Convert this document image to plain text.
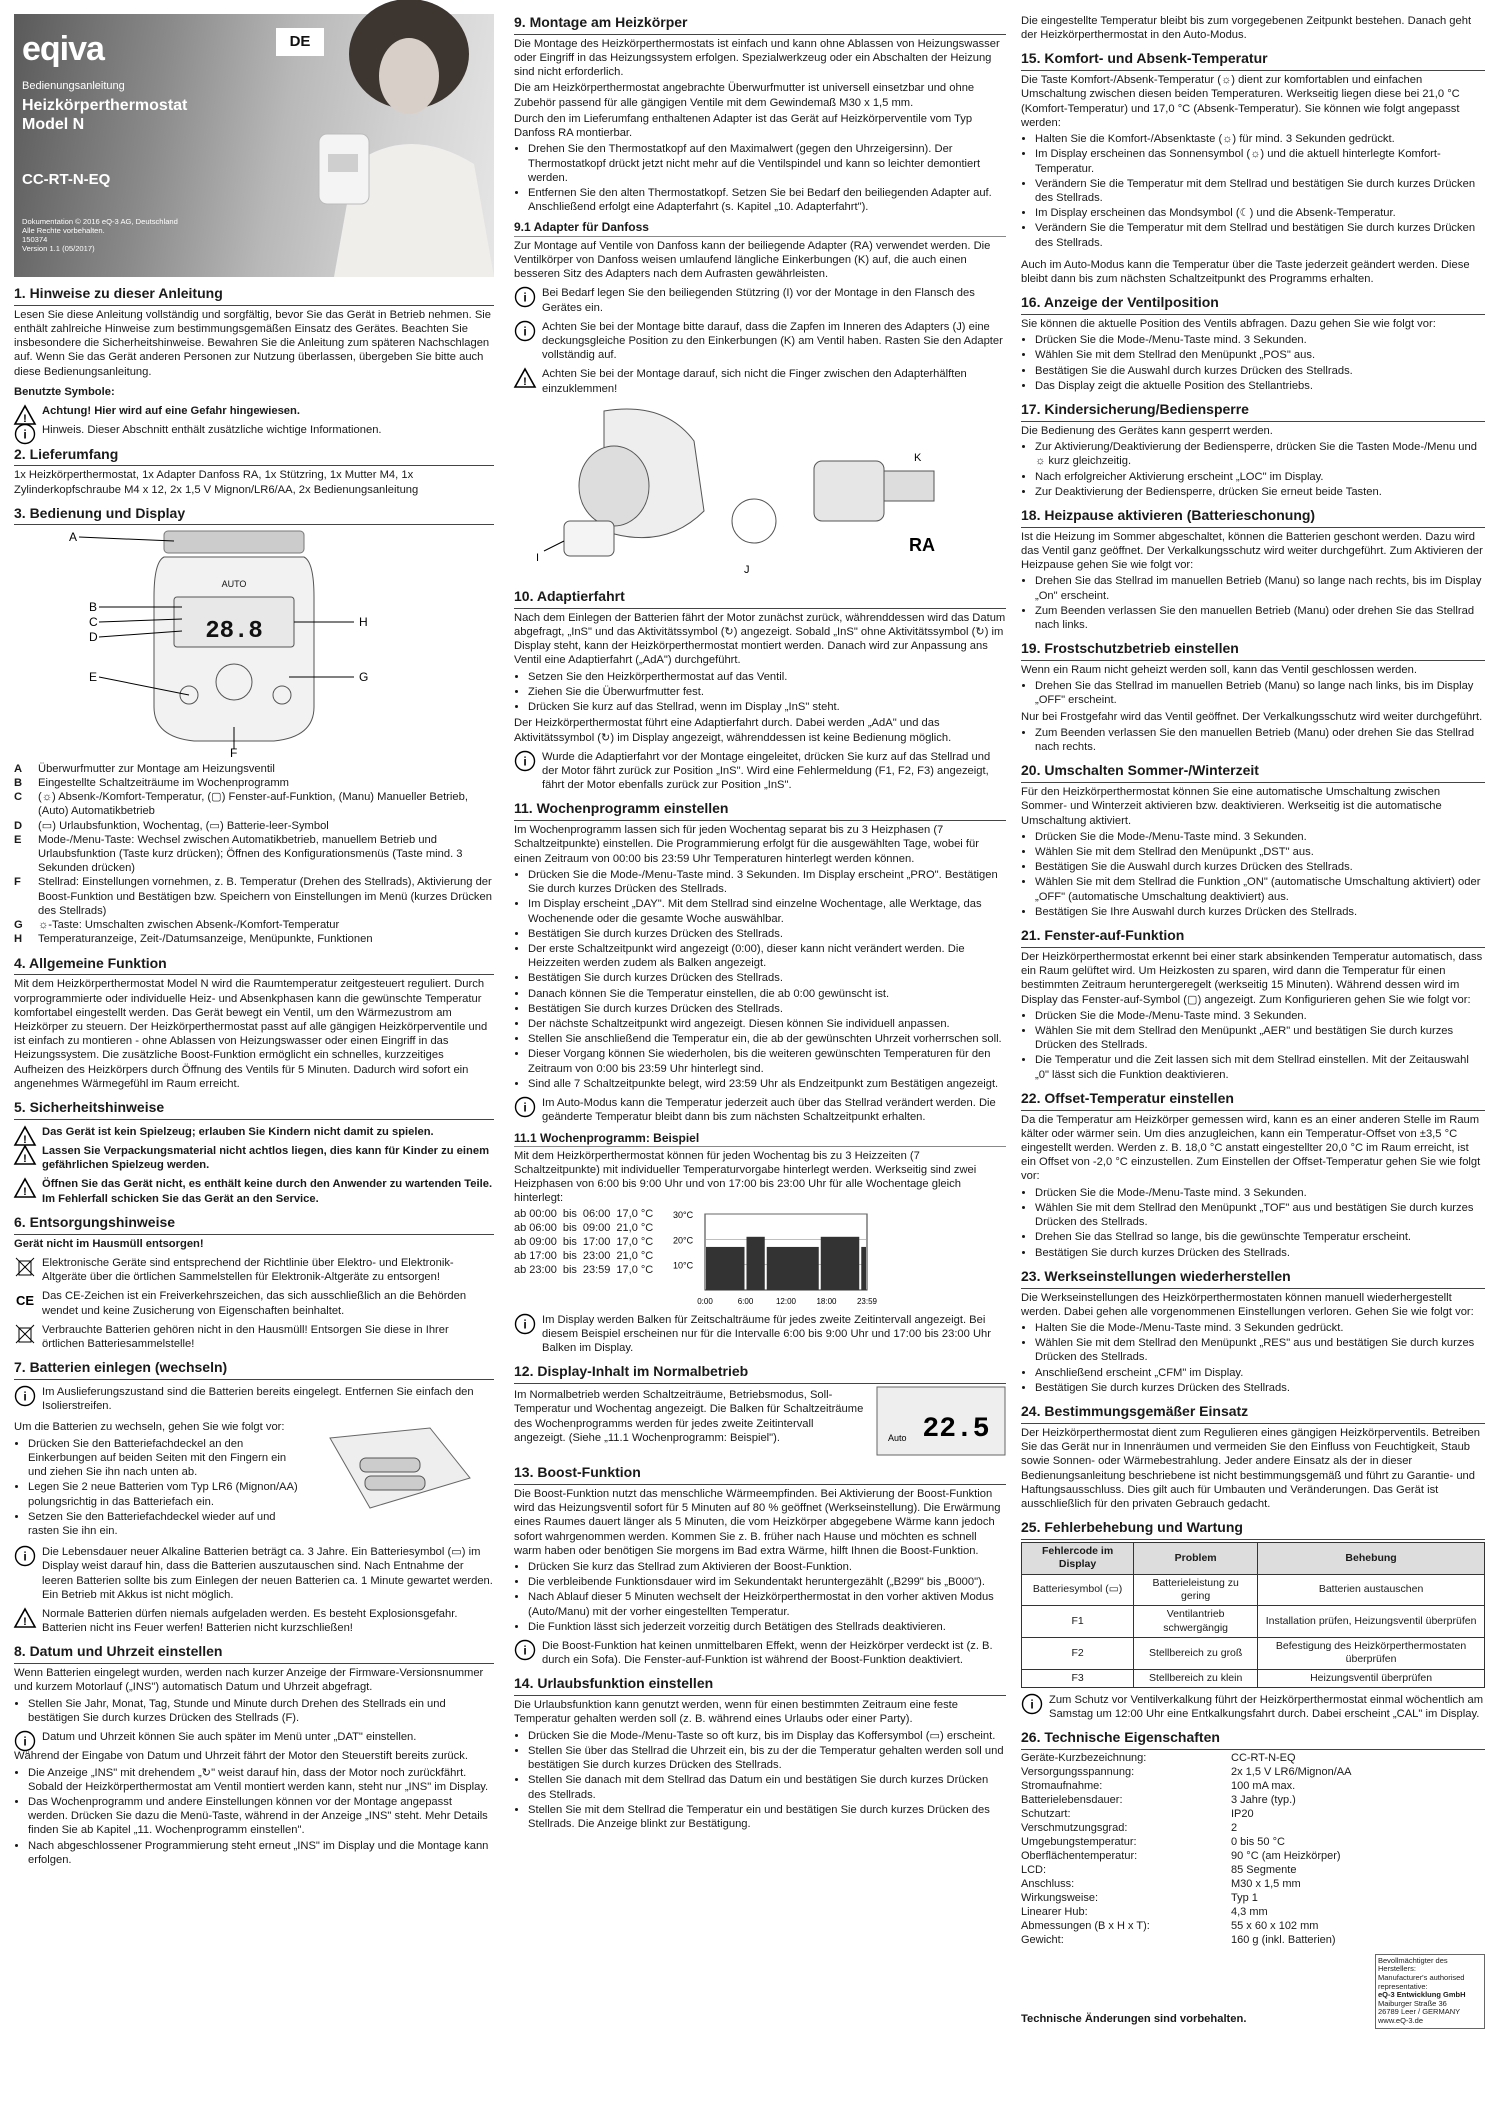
eqiva	DE
Bedienungsanleitung
Heizkörperthermostat
Model N
CC-RT-N-EQ
Dokumentation © 2016 eQ-3 AG, Deutschland
Alle Rechte vorbehalten.
150374
Version 1.1 (05/2017)
1. Hinweise zu dieser Anleitung

Lesen Sie diese Anleitung vollständig und sorgfältig, bevor Sie das Gerät in Betrieb nehmen. Sie enthält zahlreiche Hinweise zum bestimmungsgemäßen Einsatz des Gerätes. Beachten Sie insbesondere die Sicherheitshinweise. Bewahren Sie die Anleitung zum späteren Nachschlagen auf. Wenn Sie das Gerät anderen Personen zur Nutzung überlassen, übergeben Sie bitte auch diese Bedienungsanleitung.

Benutzte Symbole:

!
Achtung! Hier wird auf eine Gefahr hingewiesen.
i Hinweis. Dieser Abschnitt enthält zusätzliche wichtige Informationen.
2. Lieferumfang

1x Heizkörperthermostat, 1x Adapter Danfoss RA, 1x Stützring, 1x Mutter M4, 1x Zylinderkopfschraube M4 x 12, 2x 1,5 V Mignon/LR6/AA, 2x Bedienungsanleitung

3. Bedienung und Display
AUTO
28.8
A
B
C
D
E
F
G
H
A	Überwurfmutter zur Montage am Heizungsventil
B	Eingestellte Schaltzeiträume im Wochenprogramm
C	(☼) Absenk-/Komfort-Temperatur, (▢) Fenster-auf-Funktion, (Manu) Manueller Betrieb, (Auto) Automatikbetrieb
D	(▭) Urlaubsfunktion, Wochentag, (▭) Batterie-leer-Symbol
E	Mode-/Menu-Taste: Wechsel zwischen Automatikbetrieb, manuellem Betrieb und Urlaubsfunktion (Taste kurz drücken); Öffnen des Konfigurationsmenüs (Taste mind. 3 Sekunden drücken)
F	Stellrad: Einstellungen vornehmen, z. B. Temperatur (Drehen des Stellrads), Aktivierung der Boost-Funktion und Bestätigen bzw. Speichern von Einstellungen im Menü (kurzes Drücken des Stellrads)
G	☼-Taste: Umschalten zwischen Absenk-/Komfort-Temperatur
H	Temperaturanzeige, Zeit-/Datumsanzeige, Menüpunkte, Funktionen
4. Allgemeine Funktion

Mit dem Heizkörperthermostat Model N wird die Raumtemperatur zeitgesteuert reguliert. Durch vorprogrammierte oder individuelle Heiz- und Absenkphasen kann die gewünschte Temperatur komfortabel eingestellt werden. Das Gerät bewegt ein Ventil, um den Wärmezustrom am Heizkörper zu steuern. Der Heizkörperthermostat passt auf alle gängigen Heizkörperventile und ist einfach zu montieren - ohne Ablassen von Heizungswasser oder einen Eingriff in das Heizungssystem. Die zusätzliche Boost-Funktion ermöglicht ein schnelles, kurzzeitiges Aufheizen des Heizkörpers durch Öffnung des Ventils für 5 Minuten. Dadurch wird sofort ein angenehmes Wärmegefühl im Raum erreicht.

5. Sicherheitshinweise
!
Das Gerät ist kein Spielzeug; erlauben Sie Kindern nicht damit zu spielen.
!
Lassen Sie Verpackungsmaterial nicht achtlos liegen, dies kann für Kinder zu einem gefährlichen Spielzeug werden.
!
Öffnen Sie das Gerät nicht, es enthält keine durch den Anwender zu wartenden Teile. Im Fehlerfall schicken Sie das Gerät an den Service.
6. Entsorgungshinweise

Gerät nicht im Hausmüll entsorgen!

Elektronische Geräte sind entsprechend der Richtlinie über Elektro- und Elektronik-Altgeräte über die örtlichen Sammelstellen für Elektronik-Altgeräte zu entsorgen!
CE Das CE-Zeichen ist ein Freiverkehrszeichen, das sich ausschließlich an die Behörden wendet und keine Zusicherung von Eigenschaften beinhaltet.
Verbrauchte Batterien gehören nicht in den Hausmüll! Entsorgen Sie diese in Ihrer örtlichen Batteriesammelstelle!
7. Batterien einlegen (wechseln)
i Im Auslieferungszustand sind die Batterien bereits eingelegt. Entfernen Sie einfach den Isolierstreifen.

Um die Batterien zu wechseln, gehen Sie wie folgt vor:

• Drücken Sie den Batteriefachdeckel an den Einkerbungen auf beiden Seiten mit den Fingern ein und ziehen Sie ihn nach unten ab.
• Legen Sie 2 neue Batterien vom Typ LR6 (Mignon/AA) polungsrichtig in das Batteriefach ein.
• Setzen Sie den Batteriefachdeckel wieder auf und rasten Sie ihn ein.
i Die Lebensdauer neuer Alkaline Batterien beträgt ca. 3 Jahre. Ein Batteriesymbol (▭) im Display weist darauf hin, dass die Batterien auszutauschen sind. Nach Entnahme der leeren Batterien sollte bis zum Einlegen der neuen Batterien ca. 1 Minute gewartet werden. Ein Betrieb mit Akkus ist nicht möglich.
!
Normale Batterien dürfen niemals aufgeladen werden. Es besteht Explosionsgefahr. Batterien nicht ins Feuer werfen! Batterien nicht kurzschließen!
8. Datum und Uhrzeit einstellen

Wenn Batterien eingelegt wurden, werden nach kurzer Anzeige der Firmware-Versionsnummer und kurzem Motorlauf („INS") automatisch Datum und Uhrzeit abgefragt.

• Stellen Sie Jahr, Monat, Tag, Stunde und Minute durch Drehen des Stellrads ein und bestätigen Sie durch kurzes Drücken des Stellrads (F).
i Datum und Uhrzeit können Sie auch später im Menü unter „DAT" einstellen.

Während der Eingabe von Datum und Uhrzeit fährt der Motor den Steuerstift bereits zurück.

• Die Anzeige „INS" mit drehendem „↻" weist darauf hin, dass der Motor noch zurückfährt. Sobald der Heizkörperthermostat am Ventil montiert werden kann, steht nur „INS" im Display.
• Das Wochenprogramm und andere Einstellungen können vor der Montage angepasst werden. Drücken Sie dazu die Menü-Taste, während in der Anzeige „INS" steht. Mehr Details finden Sie ab Kapitel „11. Wochenprogramm einstellen".
• Nach abgeschlossener Programmierung steht erneut „INS" im Display und die Montage kann erfolgen.
9. Montage am Heizkörper

Die Montage des Heizkörperthermostats ist einfach und kann ohne Ablassen von Heizungswasser oder Eingriff in das Heizungssystem erfolgen. Spezialwerkzeug oder ein Abschalten der Heizung sind nicht erforderlich.

Die am Heizkörperthermostat angebrachte Überwurfmutter ist universell einsetzbar und ohne Zubehör passend für alle gängigen Ventile mit dem Gewindemaß M30 x 1,5 mm.

Durch den im Lieferumfang enthaltenen Adapter ist das Gerät auf Heizkörperventile vom Typ Danfoss RA montierbar.

• Drehen Sie den Thermostatkopf auf den Maximalwert (gegen den Uhrzeigersinn). Der Thermostatkopf drückt jetzt nicht mehr auf die Ventilspindel und kann so leichter demontiert werden.
• Entfernen Sie den alten Thermostatkopf. Setzen Sie bei Bedarf den beiliegenden Adapter auf. Anschließend erfolgt eine Adapterfahrt (s. Kapitel „10. Adapterfahrt").
9.1 Adapter für Danfoss

Zur Montage auf Ventile von Danfoss kann der beiliegende Adapter (RA) verwendet werden. Die Ventilkörper von Danfoss weisen umlaufend längliche Einkerbungen (K) auf, die auch einen besseren Sitz des Adapters nach dem Aufrasten gewährleisten.

i Bei Bedarf legen Sie den beiliegenden Stützring (I) vor der Montage in den Flansch des Gerätes ein.
i Achten Sie bei der Montage bitte darauf, dass die Zapfen im Inneren des Adapters (J) eine deckungsgleiche Position zu den Einkerbungen (K) am Ventil haben. Rasten Sie den Adapter vollständig auf.
!
Achten Sie bei der Montage darauf, sich nicht die Finger zwischen den Adapterhälften einzuklemmen!
I
J
K
RA
10. Adaptierfahrt

Nach dem Einlegen der Batterien fährt der Motor zunächst zurück, währenddessen wird das Datum abgefragt, „InS" und das Aktivitätssymbol (↻) angezeigt. Sobald „InS" ohne Aktivitätssymbol (↻) im Display steht, kann der Heizkörperthermostat montiert werden. Danach wird zur Anpassung ans Ventil eine Adaptierfahrt („AdA") durchgeführt.

• Setzen Sie den Heizkörperthermostat auf das Ventil.
• Ziehen Sie die Überwurfmutter fest.
• Drücken Sie kurz auf das Stellrad, wenn im Display „InS" steht.

Der Heizkörperthermostat führt eine Adaptierfahrt durch. Dabei werden „AdA" und das Aktivitätssymbol (↻) im Display angezeigt, währenddessen ist keine Bedienung möglich.

i Wurde die Adaptierfahrt vor der Montage eingeleitet, drücken Sie kurz auf das Stellrad und der Motor fährt zurück zur Position „InS". Wird eine Fehlermeldung (F1, F2, F3) angezeigt, fährt der Motor ebenfalls zurück zur Position „InS".
11. Wochenprogramm einstellen

Im Wochenprogramm lassen sich für jeden Wochentag separat bis zu 3 Heizphasen (7 Schaltzeitpunkte) einstellen. Die Programmierung erfolgt für die ausgewählten Tage, wobei für einen Zeitraum von 00:00 bis 23:59 Uhr Temperaturen hinterlegt werden können.

• Drücken Sie die Mode-/Menu-Taste mind. 3 Sekunden. Im Display erscheint „PRO". Bestätigen Sie durch kurzes Drücken des Stellrads.
• Im Display erscheint „DAY". Mit dem Stellrad sind einzelne Wochentage, alle Werktage, das Wochenende oder die gesamte Woche auswählbar.
• Bestätigen Sie durch kurzes Drücken des Stellrads.
• Der erste Schaltzeitpunkt wird angezeigt (0:00), dieser kann nicht verändert werden. Die Heizzeiten werden zudem als Balken angezeigt.
• Bestätigen Sie durch kurzes Drücken des Stellrads.
• Danach können Sie die Temperatur einstellen, die ab 0:00 gewünscht ist.
• Bestätigen Sie durch kurzes Drücken des Stellrads.
• Der nächste Schaltzeitpunkt wird angezeigt. Diesen können Sie individuell anpassen.
• Stellen Sie anschließend die Temperatur ein, die ab der gewünschten Uhrzeit vorherrschen soll.
• Dieser Vorgang können Sie wiederholen, bis die weiteren gewünschten Temperaturen für den Zeitraum von 0:00 bis 23:59 Uhr hinterlegt sind.
• Sind alle 7 Schaltzeitpunkte belegt, wird 23:59 Uhr als Endzeitpunkt zum Bestätigen angezeigt.
i Im Auto-Modus kann die Temperatur jederzeit auch über das Stellrad verändert werden. Die geänderte Temperatur bleibt dann bis zum nächsten Schaltzeitpunkt erhalten.
11.1 Wochenprogramm: Beispiel

Mit dem Heizkörperthermostat können für jeden Wochentag bis zu 3 Heizzeiten (7 Schaltzeitpunkte) mit individueller Temperaturvorgabe hinterlegt werden. Werkseitig sind zwei Heizphasen von 6:00 bis 9:00 Uhr und von 17:00 bis 23:00 Uhr für alle Wochentage gleich hinterlegt:

ab 00:00	bis	06:00	17,0 °C
ab 06:00	bis	09:00	21,0 °C
ab 09:00	bis	17:00	17,0 °C
ab 17:00	bis	23:00	21,0 °C
ab 23:00	bis	23:59	17,0 °C 10°C
20°C
30°C
0:00	6:00	12:00	18:00	23:59
i Im Display werden Balken für Zeitschalträume für jedes zweite Zeitintervall angezeigt. Bei diesem Beispiel erscheinen nur für die Intervalle 6:00 bis 9:00 Uhr und 17:00 bis 23:00 Uhr Balken im Display.
12. Display-Inhalt im Normalbetrieb

Im Normalbetrieb werden Schaltzeiträume, Betriebsmodus, Soll-Temperatur und Wochentag angezeigt. Die Balken für Schaltzeiträume des Wochenprogramms werden für jedes zweite Zeitintervall angezeigt. (Siehe „11.1 Wochenprogramm: Beispiel").	Auto 22.5
13. Boost-Funktion

Die Boost-Funktion nutzt das menschliche Wärmeempfinden. Bei Aktivierung der Boost-Funktion wird das Heizungsventil sofort für 5 Minuten auf 80 % geöffnet (Werkseinstellung). Die Erwärmung eines Raumes dauert länger als 5 Minuten, die vom Heizkörper abgegebene Wärme kann jedoch sofort wahrgenommen werden. Kommen Sie z. B. früher nach Hause und möchten es schnell warm haben oder benötigen Sie morgens im Bad extra Wärme, hilft Ihnen die Boost-Funktion.

• Drücken Sie kurz das Stellrad zum Aktivieren der Boost-Funktion.
• Die verbleibende Funktionsdauer wird im Sekundentakt heruntergezählt („B299" bis „B000").
• Nach Ablauf dieser 5 Minuten wechselt der Heizkörperthermostat in den vorher aktiven Modus (Auto/Manu) mit der vorher eingestellten Temperatur.
• Die Funktion lässt sich jederzeit vorzeitig durch Betätigen des Stellrads deaktivieren.
i Die Boost-Funktion hat keinen unmittelbaren Effekt, wenn der Heizkörper verdeckt ist (z. B. durch ein Sofa). Die Fenster-auf-Funktion ist während der Boost-Funktion deaktiviert.
14. Urlaubsfunktion einstellen

Die Urlaubsfunktion kann genutzt werden, wenn für einen bestimmten Zeitraum eine feste Temperatur gehalten werden soll (z. B. während eines Urlaubs oder einer Party).

• Drücken Sie die Mode-/Menu-Taste so oft kurz, bis im Display das Koffersymbol (▭) erscheint.
• Stellen Sie über das Stellrad die Uhrzeit ein, bis zu der die Temperatur gehalten werden soll und bestätigen Sie durch kurzes Drücken des Stellrads.
• Stellen Sie danach mit dem Stellrad das Datum ein und bestätigen Sie durch kurzes Drücken des Stellrads.
• Stellen Sie mit dem Stellrad die Temperatur ein und bestätigen Sie durch kurzes Drücken des Stellrads. Die Anzeige blinkt zur Bestätigung.

Die eingestellte Temperatur bleibt bis zum vorgegebenen Zeitpunkt bestehen. Danach geht der Heizkörperthermostat in den Auto-Modus.

15. Komfort- und Absenk-Temperatur

Die Taste Komfort-/Absenk-Temperatur (☼) dient zur komfortablen und einfachen Umschaltung zwischen diesen beiden Temperaturen. Werkseitig liegen diese bei 21,0 °C (Komfort-Temperatur) und 17,0 °C (Absenk-Temperatur). Sie können wie folgt angepasst werden:

• Halten Sie die Komfort-/Absenktaste (☼) für mind. 3 Sekunden gedrückt.
• Im Display erscheinen das Sonnensymbol (☼) und die aktuell hinterlegte Komfort-Temperatur.
• Verändern Sie die Temperatur mit dem Stellrad und bestätigen Sie durch kurzes Drücken des Stellrads.
• Im Display erscheinen das Mondsymbol (☾) und die Absenk-Temperatur.
• Verändern Sie die Temperatur mit dem Stellrad und bestätigen Sie durch kurzes Drücken des Stellrads.

Auch im Auto-Modus kann die Temperatur über die Taste jederzeit geändert werden. Diese bleibt dann bis zum nächsten Schaltzeitpunkt des Programms erhalten.

16. Anzeige der Ventilposition

Sie können die aktuelle Position des Ventils abfragen. Dazu gehen Sie wie folgt vor:

• Drücken Sie die Mode-/Menu-Taste mind. 3 Sekunden.
• Wählen Sie mit dem Stellrad den Menüpunkt „POS" aus.
• Bestätigen Sie die Auswahl durch kurzes Drücken des Stellrads.
• Das Display zeigt die aktuelle Position des Stellantriebs.
17. Kindersicherung/Bediensperre

Die Bedienung des Gerätes kann gesperrt werden.

• Zur Aktivierung/Deaktivierung der Bediensperre, drücken Sie die Tasten Mode-/Menu und ☼ kurz gleichzeitig.
• Nach erfolgreicher Aktivierung erscheint „LOC" im Display.
• Zur Deaktivierung der Bediensperre, drücken Sie erneut beide Tasten.
18. Heizpause aktivieren (Batterieschonung)

Ist die Heizung im Sommer abgeschaltet, können die Batterien geschont werden. Dazu wird das Ventil ganz geöffnet. Der Verkalkungsschutz wird weiter durchgeführt. Zum Aktivieren der Heizpause gehen Sie wie folgt vor:

• Drehen Sie das Stellrad im manuellen Betrieb (Manu) so lange nach rechts, bis im Display „On" erscheint.
• Zum Beenden verlassen Sie den manuellen Betrieb (Manu) oder drehen Sie das Stellrad nach links.
19. Frostschutzbetrieb einstellen

Wenn ein Raum nicht geheizt werden soll, kann das Ventil geschlossen werden.

• Drehen Sie das Stellrad im manuellen Betrieb (Manu) so lange nach links, bis im Display „OFF" erscheint.

Nur bei Frostgefahr wird das Ventil geöffnet. Der Verkalkungsschutz wird weiter durchgeführt.

• Zum Beenden verlassen Sie den manuellen Betrieb (Manu) oder drehen Sie das Stellrad nach rechts.
20. Umschalten Sommer-/Winterzeit

Für den Heizkörperthermostat können Sie eine automatische Umschaltung zwischen Sommer- und Winterzeit aktivieren bzw. deaktivieren. Werkseitig ist die automatische Umschaltung aktiviert.

• Drücken Sie die Mode-/Menu-Taste mind. 3 Sekunden.
• Wählen Sie mit dem Stellrad den Menüpunkt „DST" aus.
• Bestätigen Sie die Auswahl durch kurzes Drücken des Stellrads.
• Wählen Sie mit dem Stellrad die Funktion „ON" (automatische Umschaltung aktiviert) oder „OFF" (automatische Umschaltung deaktiviert) aus.
• Bestätigen Sie Ihre Auswahl durch kurzes Drücken des Stellrads.
21. Fenster-auf-Funktion

Der Heizkörperthermostat erkennt bei einer stark absinkenden Temperatur automatisch, dass ein Raum gelüftet wird. Um Heizkosten zu sparen, wird dann die Temperatur für einen bestimmten Zeitraum heruntergeregelt (werkseitig 15 Minuten). Während dessen wird im Display das Fenster-auf-Symbol (▢) angezeigt. Zum Konfigurieren gehen Sie wie folgt vor:

• Drücken Sie die Mode-/Menu-Taste mind. 3 Sekunden.
• Wählen Sie mit dem Stellrad den Menüpunkt „AER" und bestätigen Sie durch kurzes Drücken des Stellrads.
• Die Temperatur und die Zeit lassen sich mit dem Stellrad einstellen. Mit der Zeitauswahl „0" lässt sich die Funktion deaktivieren.
22. Offset-Temperatur einstellen

Da die Temperatur am Heizkörper gemessen wird, kann es an einer anderen Stelle im Raum kälter oder wärmer sein. Um dies anzugleichen, kann ein Temperatur-Offset von ±3,5 °C eingestellt werden. Werden z. B. 18,0 °C anstatt eingestellter 20,0 °C im Raum erreicht, ist ein Offset von -2,0 °C einzustellen. Zum Einstellen der Offset-Temperatur gehen Sie wie folgt vor:

• Drücken Sie die Mode-/Menu-Taste mind. 3 Sekunden.
• Wählen Sie mit dem Stellrad den Menüpunkt „TOF" aus und bestätigen Sie durch kurzes Drücken des Stellrads.
• Drehen Sie das Stellrad so lange, bis die gewünschte Temperatur erscheint.
• Bestätigen Sie durch kurzes Drücken des Stellrads.
23. Werkseinstellungen wiederherstellen

Die Werkseinstellungen des Heizkörperthermostaten können manuell wiederhergestellt werden. Dabei gehen alle vorgenommenen Einstellungen verloren. Gehen Sie wie folgt vor:

• Halten Sie die Mode-/Menu-Taste mind. 3 Sekunden gedrückt.
• Wählen Sie mit dem Stellrad den Menüpunkt „RES" aus und bestätigen Sie durch kurzes Drücken des Stellrads.
• Anschließend erscheint „CFM" im Display.
• Bestätigen Sie durch kurzes Drücken des Stellrads.
24. Bestimmungsgemäßer Einsatz

Der Heizkörperthermostat dient zum Regulieren eines gängigen Heizkörperventils. Betreiben Sie das Gerät nur in Innenräumen und vermeiden Sie den Einfluss von Feuchtigkeit, Staub sowie Sonnen- oder Wärmebestrahlung. Jeder andere Einsatz als der in dieser Bedienungsanleitung beschriebene ist nicht bestimmungsgemäß und führt zu Garantie- und Haftungsausschluss. Dies gilt auch für Umbauten und Veränderungen. Das Gerät ist ausschließlich für den privaten Gebrauch gedacht.

25. Fehlerbehebung und Wartung
Fehlercode im Display	Problem	Behebung
Batteriesymbol (▭)	Batterieleistung zu gering	Batterien austauschen
F1	Ventilantrieb schwergängig	Installation prüfen, Heizungsventil überprüfen
F2	Stellbereich zu groß	Befestigung des Heizkörperthermostaten überprüfen
F3	Stellbereich zu klein	Heizungsventil überprüfen
i Zum Schutz vor Ventilverkalkung führt der Heizkörperthermostat einmal wöchentlich am Samstag um 12:00 Uhr eine Entkalkungsfahrt durch. Dabei erscheint „CAL" im Display.
26. Technische Eigenschaften
Geräte-Kurzbezeichnung:	CC-RT-N-EQ
Versorgungsspannung:	2x 1,5 V LR6/Mignon/AA
Stromaufnahme:	100 mA max.
Batterielebensdauer:	3 Jahre (typ.)
Schutzart:	IP20
Verschmutzungsgrad:	2
Umgebungstemperatur:	0 bis 50 °C
Oberflächentemperatur:	90 °C (am Heizkörper)
LCD:	85 Segmente
Anschluss:	M30 x 1,5 mm
Wirkungsweise:	Typ 1
Linearer Hub:	4,3 mm
Abmessungen (B x H x T):	55 x 60 x 102 mm
Gewicht:	160 g (inkl. Batterien)

Technische Änderungen sind vorbehalten.

Bevollmächtigter des Herstellers:
Manufacturer's authorised representative:
eQ-3 Entwicklung GmbH
Maiburger Straße 36
26789 Leer / GERMANY
www.eQ-3.de
